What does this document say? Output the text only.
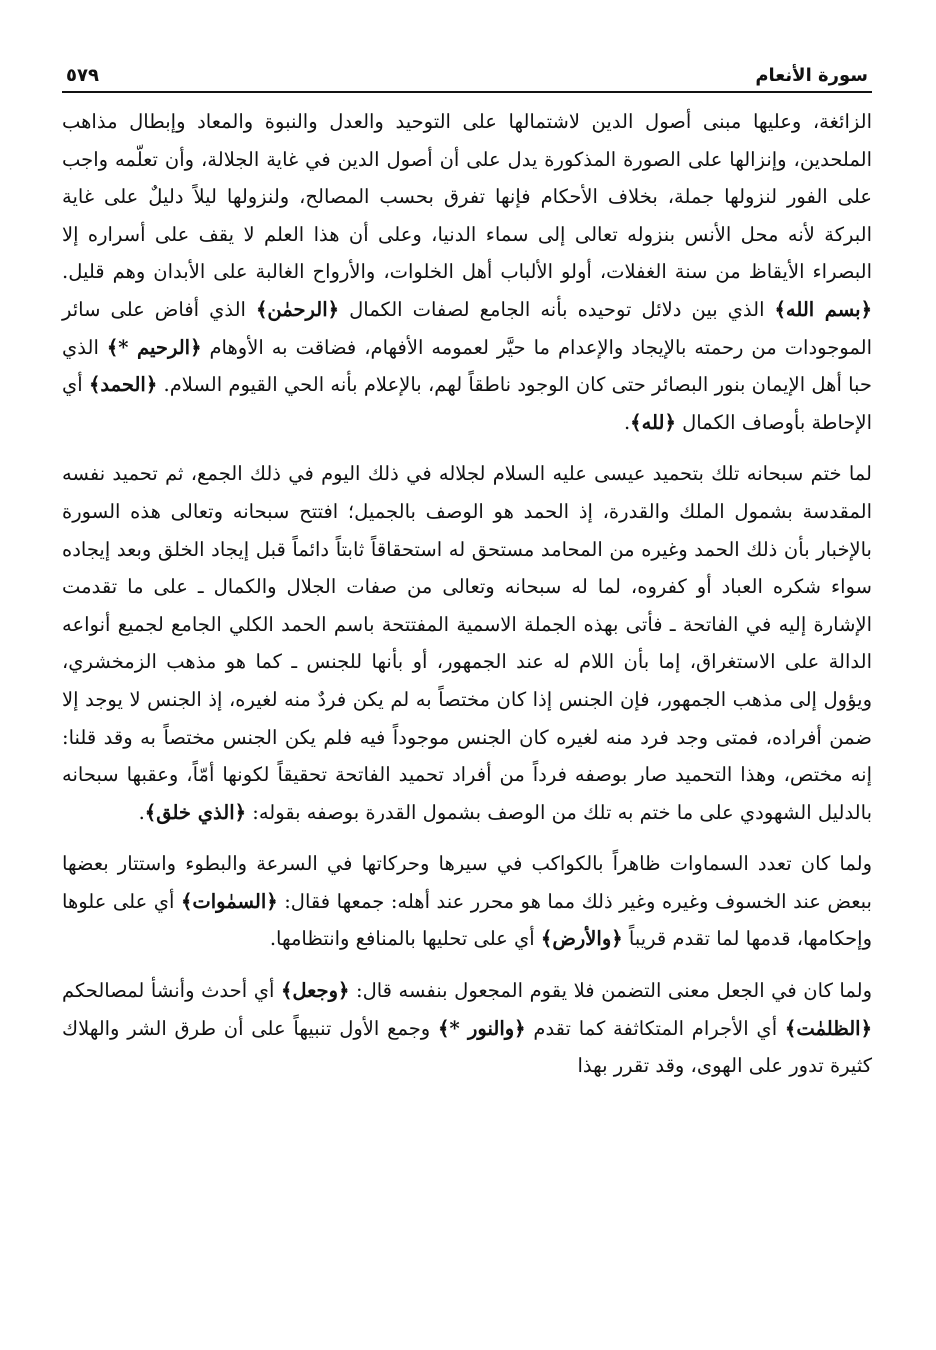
سورة الأنعام
٥٧٩

الزائغة، وعليها مبنى أصول الدين لاشتمالها على التوحيد والعدل والنبوة والمعاد وإبطال مذاهب الملحدين، وإنزالها على الصورة المذكورة يدل على أن أصول الدين في غاية الجلالة، وأن تعلّمه واجب على الفور لنزولها جملة، بخلاف الأحكام فإنها تفرق بحسب المصالح، ولنزولها ليلاً دليلٌ على غاية البركة لأنه محل الأنس بنزوله تعالى إلى سماء الدنيا، وعلى أن هذا العلم لا يقف على أسراره إلا البصراء الأيقاظ من سنة الغفلات، أولو الألباب أهل الخلوات، والأرواح الغالبة على الأبدان وهم قليل. ﴿بسم الله﴾ الذي بين دلائل توحيده بأنه الجامع لصفات الكمال ﴿الرحمٰن﴾ الذي أفاض على سائر الموجودات من رحمته بالإيجاد والإعدام ما حيَّر لعمومه الأفهام، فضاقت به الأوهام ﴿الرحيم *﴾ الذي حبا أهل الإيمان بنور البصائر حتى كان الوجود ناطقاً لهم، بالإعلام بأنه الحي القيوم السلام. ﴿الحمد﴾ أي الإحاطة بأوصاف الكمال ﴿لله﴾.

لما ختم سبحانه تلك بتحميد عيسى عليه السلام لجلاله في ذلك اليوم في ذلك الجمع، ثم تحميد نفسه المقدسة بشمول الملك والقدرة، إذ الحمد هو الوصف بالجميل؛ افتتح سبحانه وتعالى هذه السورة بالإخبار بأن ذلك الحمد وغيره من المحامد مستحق له استحقاقاً ثابتاً دائماً قبل إيجاد الخلق وبعد إيجاده سواء شكره العباد أو كفروه، لما له سبحانه وتعالى من صفات الجلال والكمال ـ على ما تقدمت الإشارة إليه في الفاتحة ـ فأتى بهذه الجملة الاسمية المفتتحة باسم الحمد الكلي الجامع لجميع أنواعه الدالة على الاستغراق، إما بأن اللام له عند الجمهور، أو بأنها للجنس ـ كما هو مذهب الزمخشري، ويؤول إلى مذهب الجمهور، فإن الجنس إذا كان مختصاً به لم يكن فردٌ منه لغيره، إذ الجنس لا يوجد إلا ضمن أفراده، فمتى وجد فرد منه لغيره كان الجنس موجوداً فيه فلم يكن الجنس مختصاً به وقد قلنا: إنه مختص، وهذا التحميد صار بوصفه فرداً من أفراد تحميد الفاتحة تحقيقاً لكونها أمّاً، وعقبها سبحانه بالدليل الشهودي على ما ختم به تلك من الوصف بشمول القدرة بوصفه بقوله: ﴿الذي خلق﴾.

ولما كان تعدد السماوات ظاهراً بالكواكب في سيرها وحركاتها في السرعة والبطوء واستتار بعضها ببعض عند الخسوف وغيره وغير ذلك مما هو محرر عند أهله: جمعها فقال: ﴿السمٰوات﴾ أي على علوها وإحكامها، قدمها لما تقدم قريباً ﴿والأرض﴾ أي على تحليها بالمنافع وانتظامها.

ولما كان في الجعل معنى التضمن فلا يقوم المجعول بنفسه قال: ﴿وجعل﴾ أي أحدث وأنشأ لمصالحكم ﴿الظلمٰت﴾ أي الأجرام المتكاثفة كما تقدم ﴿والنور *﴾ وجمع الأول تنبيهاً على أن طرق الشر والهلاك كثيرة تدور على الهوى، وقد تقرر بهذا
